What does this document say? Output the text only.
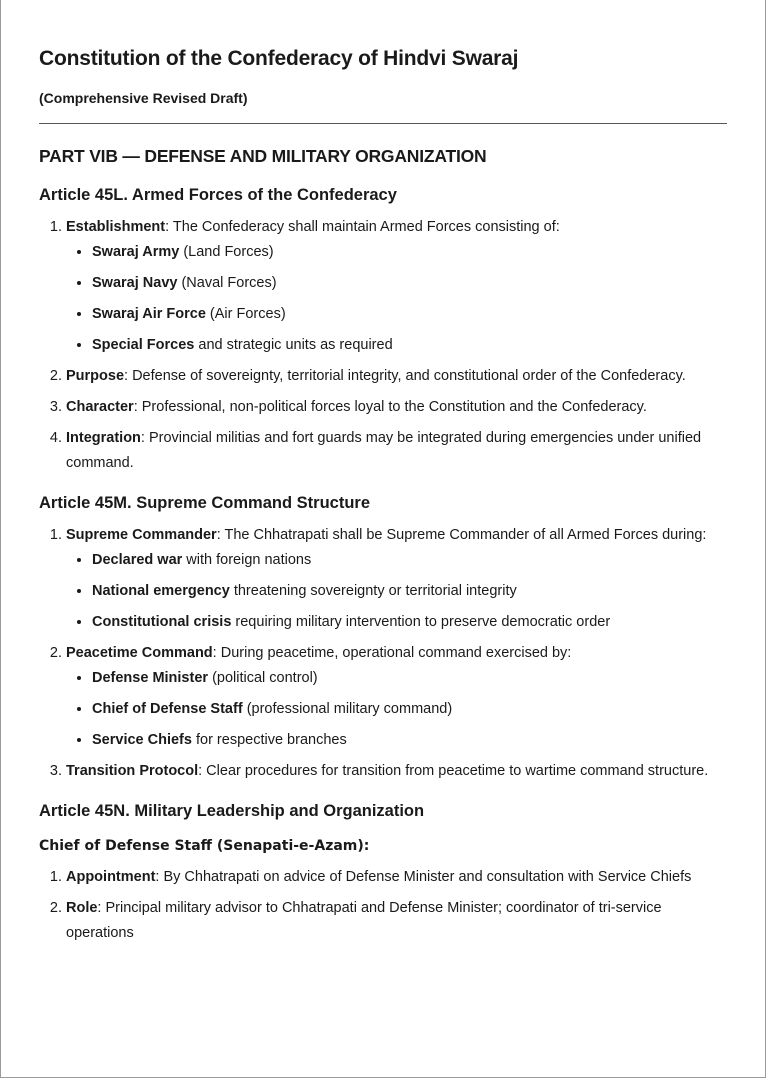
Constitution of the Confederacy of Hindvi Swaraj
(Comprehensive Revised Draft)
PART VIB — DEFENSE AND MILITARY ORGANIZATION
Article 45L. Armed Forces of the Confederacy
1. Establishment: The Confederacy shall maintain Armed Forces consisting of:
• Swaraj Army (Land Forces)
• Swaraj Navy (Naval Forces)
• Swaraj Air Force (Air Forces)
• Special Forces and strategic units as required
2. Purpose: Defense of sovereignty, territorial integrity, and constitutional order of the Confederacy.
3. Character: Professional, non-political forces loyal to the Constitution and the Confederacy.
4. Integration: Provincial militias and fort guards may be integrated during emergencies under unified command.
Article 45M. Supreme Command Structure
1. Supreme Commander: The Chhatrapati shall be Supreme Commander of all Armed Forces during:
• Declared war with foreign nations
• National emergency threatening sovereignty or territorial integrity
• Constitutional crisis requiring military intervention to preserve democratic order
2. Peacetime Command: During peacetime, operational command exercised by:
• Defense Minister (political control)
• Chief of Defense Staff (professional military command)
• Service Chiefs for respective branches
3. Transition Protocol: Clear procedures for transition from peacetime to wartime command structure.
Article 45N. Military Leadership and Organization
Chief of Defense Staff (Senapati-e-Azam):
1. Appointment: By Chhatrapati on advice of Defense Minister and consultation with Service Chiefs
2. Role: Principal military advisor to Chhatrapati and Defense Minister; coordinator of tri-service operations
